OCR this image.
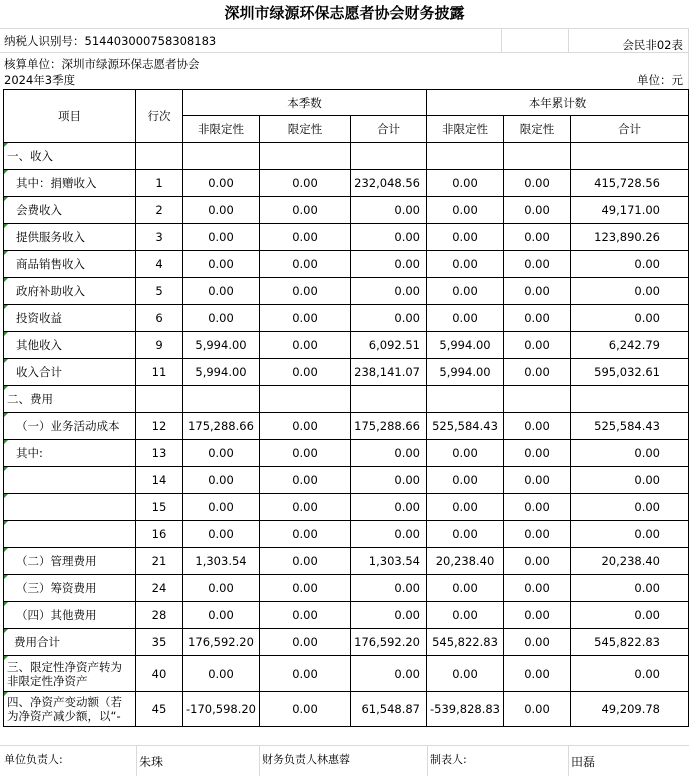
深圳市绿源环保志愿者协会财务披露
纳税人识别号：514403000758308183	会民非02表
核算单位：深圳市绿源环保志愿者协会
2024年3季度	单位：元
项目	行次	本季数			本年累计数		
		非限定性	限定性	合计	非限定性	限定性	合计
一、收入							
其中：捐赠收入	1	0.00	0.00	232,048.56	0.00	0.00	415,728.56
会费收入	2	0.00	0.00	0.00	0.00	0.00	49,171.00
提供服务收入	3	0.00	0.00	0.00	0.00	0.00	123,890.26
商品销售收入	4	0.00	0.00	0.00	0.00	0.00	0.00
政府补助收入	5	0.00	0.00	0.00	0.00	0.00	0.00
投资收益	6	0.00	0.00	0.00	0.00	0.00	0.00
其他收入	9	5,994.00	0.00	6,092.51	5,994.00	0.00	6,242.79
收入合计	11	5,994.00	0.00	238,141.07	5,994.00	0.00	595,032.61
二、费用							
（一）业务活动成本	12	175,288.66	0.00	175,288.66	525,584.43	0.00	525,584.43
其中:	13	0.00	0.00	0.00	0.00	0.00	0.00
	14	0.00	0.00	0.00	0.00	0.00	0.00
	15	0.00	0.00	0.00	0.00	0.00	0.00
	16	0.00	0.00	0.00	0.00	0.00	0.00
（二）管理费用	21	1,303.54	0.00	1,303.54	20,238.40	0.00	20,238.40
（三）筹资费用	24	0.00	0.00	0.00	0.00	0.00	0.00
（四）其他费用	28	0.00	0.00	0.00	0.00	0.00	0.00
费用合计	35	176,592.20	0.00	176,592.20	545,822.83	0.00	545,822.83
三、限定性净资产转为非限定性净资产	40	0.00	0.00	0.00	0.00	0.00	0.00
四、净资产变动额（若为净资产减少额，以“-	45	-170,598.20	0.00	61,548.87	-539,828.83	0.00	49,209.78
单位负责人:	朱珠	财务负责人林惠蓉	制表人:	田磊
